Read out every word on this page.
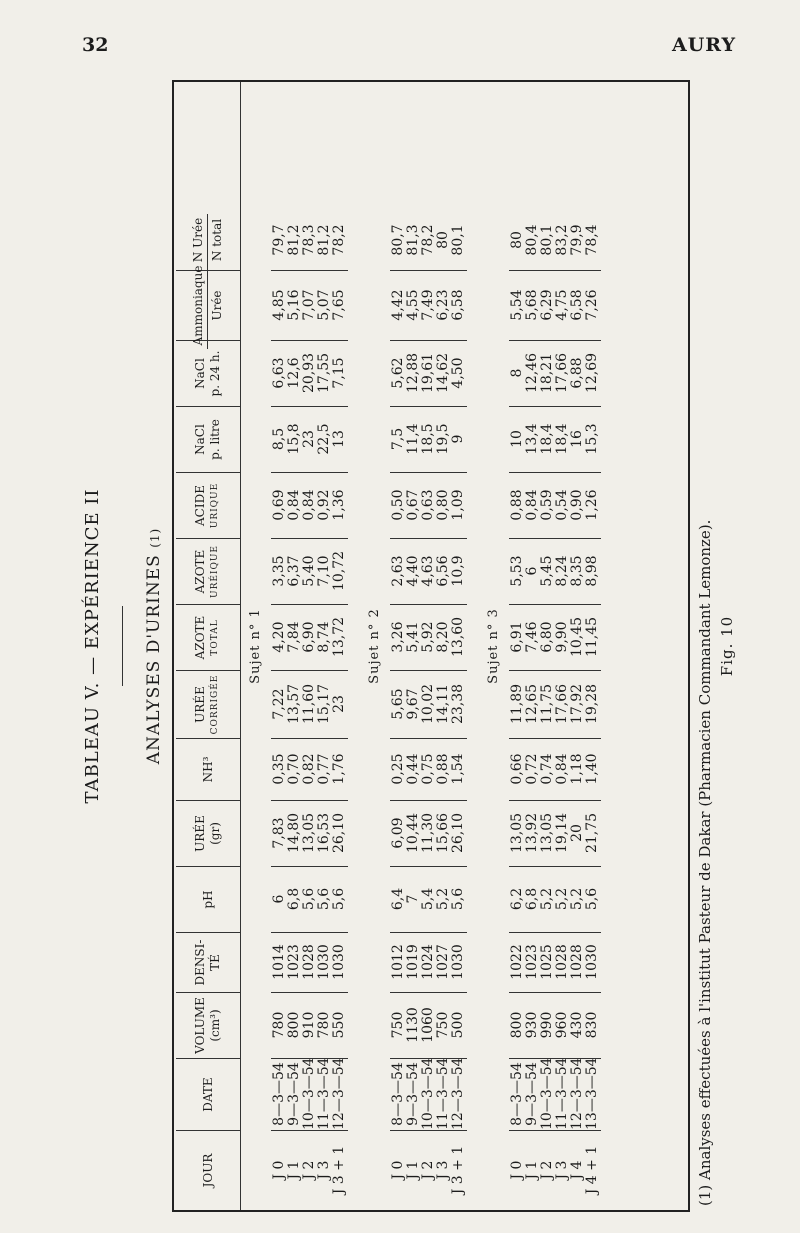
32	AURY
TABLEAU V. — EXPÉRIENCE II ANALYSES D'URINES (1)
JOUR
DATE
VOLUME (cm³)
DENSI- TÉ
pH
URÉE (gr)
NH³
URÉE CORRIGÉE
AZOTE TOTAL
AZOTE URÉIQUE
ACIDE URIQUE
NaCl p. litre
NaCl p. 24 h.
Ammoniaque Urée
N Urée N total
Sujet n° 1
J 0
8—3—54
780
1014
6
7,83
0,35
7,22
4,20
3,35
0,69
8,5
6,63
4,85
79,7
J 1
9—3—54
800
1023
6,8
14,80
0,70
13,57
7,84
6,37
0,84
15,8
12,6
5,16
81,2
J 2
10—3—54
910
1028
5,6
13,05
0,82
11,60
6,90
5,40
0,84
23
20,93
7,07
78,3
J 3
11—3—54
780
1030
5,6
16,53
0,77
15,17
8,74
7,10
0,92
22,5
17,55
5,07
81,2
J 3 + 1
12—3—54
550
1030
5,6
26,10
1,76
23
13,72
10,72
1,36
13
7,15
7,65
78,2
Sujet n° 2
J 0
8—3—54
750
1012
6,4
6,09
0,25
5,65
3,26
2,63
0,50
7,5
5,62
4,42
80,7
J 1
9—3—54
1130
1019
7
10,44
0,44
9,67
5,41
4,40
0,67
11,4
12,88
4,55
81,3
J 2
10—3—54
1060
1024
5,4
11,30
0,75
10,02
5,92
4,63
0,63
18,5
19,61
7,49
78,2
J 3
11—3—54
750
1027
5,2
15,66
0,88
14,11
8,20
6,56
0,80
19,5
14,62
6,23
80
J 3 + 1
12—3—54
500
1030
5,6
26,10
1,54
23,38
13,60
10,9
1,09
9
4,50
6,58
80,1
Sujet n° 3
J 0
8—3—54
800
1022
6,2
13,05
0,66
11,89
6,91
5,53
0,88
10
8
5,54
80
J 1
9—3—54
930
1023
6,8
13,92
0,72
12,65
7,46
6
0,84
13,4
12,46
5,68
80,4
J 2
10—3—54
990
1025
5,2
13,05
0,74
11,75
6,80
5,45
0,59
18,4
18,21
6,29
80,1
J 3
11—3—54
960
1028
5,2
19,14
0,84
17,66
9,90
8,24
0,54
18,4
17,66
4,75
83,2
J 4
12—3—54
430
1028
5,2
20
1,18
17,92
10,45
8,35
0,90
16
6,88
6,58
79,9
J 4 + 1
13—3—54
830
1030
5,6
21,75
1,40
19,28
11,45
8,98
1,26
15,3
12,69
7,26
78,4
(1) Analyses effectuées à l'institut Pasteur de Dakar (Pharmacien Commandant Lemonze). Fig. 10
